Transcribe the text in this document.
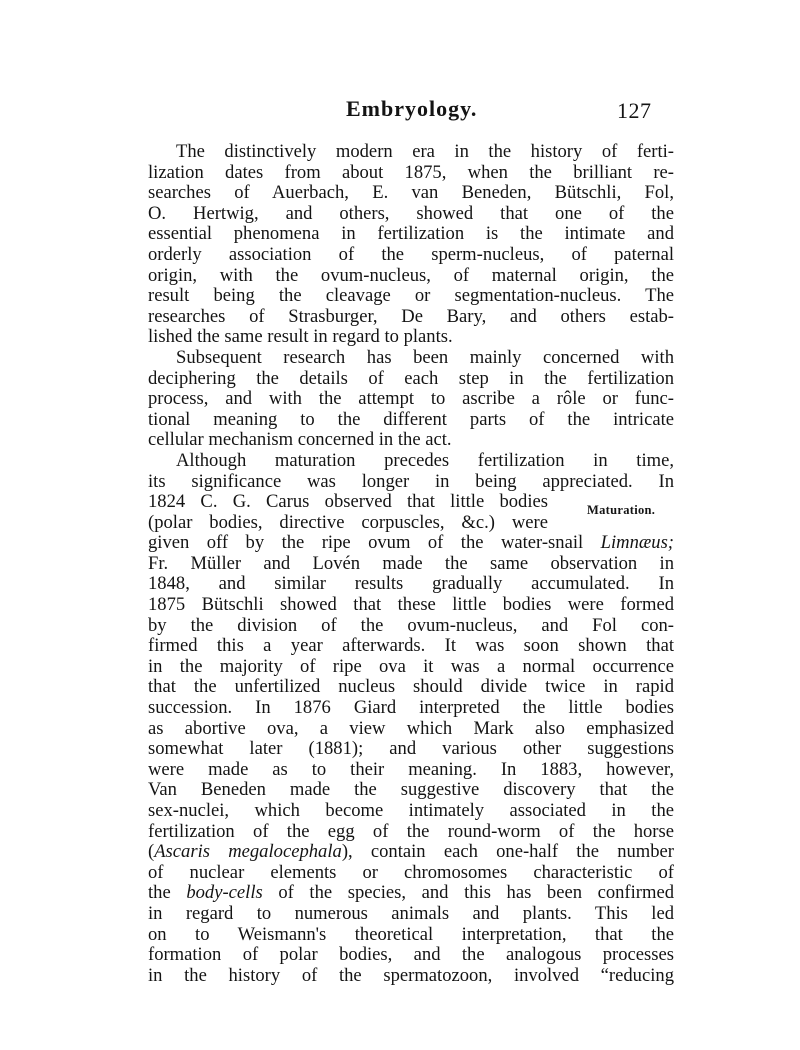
Embryology.	127
Maturation.
The distinctively modern era in the history of ferti-
lization dates from about 1875, when the brilliant re-
searches of Auerbach, E. van Beneden, Bütschli, Fol,
O. Hertwig, and others, showed that one of the
essential phenomena in fertilization is the intimate and
orderly association of the sperm-nucleus, of paternal
origin, with the ovum-nucleus, of maternal origin, the
result being the cleavage or segmentation-nucleus. The
researches of Strasburger, De Bary, and others estab-
lished the same result in regard to plants.
Subsequent research has been mainly concerned with
deciphering the details of each step in the fertilization
process, and with the attempt to ascribe a rôle or func-
tional meaning to the different parts of the intricate
cellular mechanism concerned in the act.
Although maturation precedes fertilization in time,
its significance was longer in being appreciated. In
1824 C. G. Carus observed that little bodies
(polar bodies, directive corpuscles, &c.) were
given off by the ripe ovum of the water-snail Limnæus;
Fr. Müller and Lovén made the same observation in
1848, and similar results gradually accumulated. In
1875 Bütschli showed that these little bodies were formed
by the division of the ovum-nucleus, and Fol con-
firmed this a year afterwards. It was soon shown that
in the majority of ripe ova it was a normal occurrence
that the unfertilized nucleus should divide twice in rapid
succession. In 1876 Giard interpreted the little bodies
as abortive ova, a view which Mark also emphasized
somewhat later (1881); and various other suggestions
were made as to their meaning. In 1883, however,
Van Beneden made the suggestive discovery that the
sex-nuclei, which become intimately associated in the
fertilization of the egg of the round-worm of the horse
(Ascaris megalocephala), contain each one-half the number
of nuclear elements or chromosomes characteristic of
the body-cells of the species, and this has been confirmed
in regard to numerous animals and plants. This led
on to Weismann's theoretical interpretation, that the
formation of polar bodies, and the analogous processes
in the history of the spermatozoon, involved “reducing
